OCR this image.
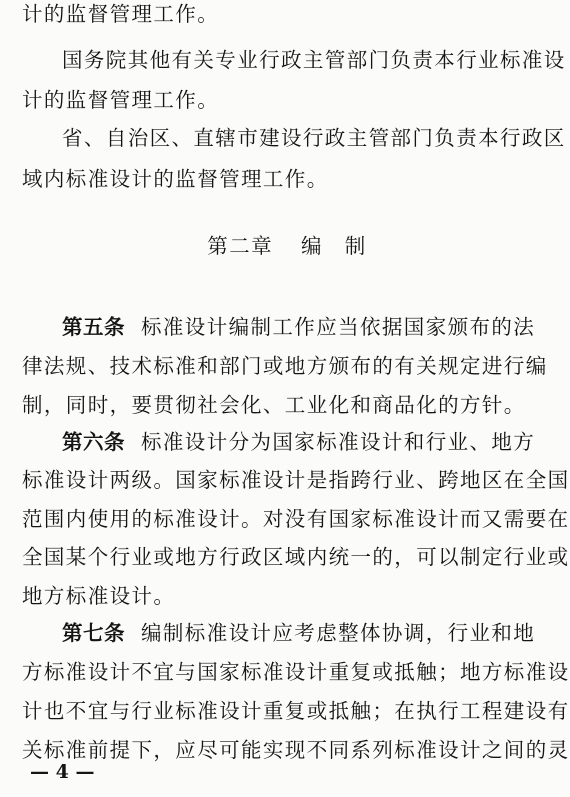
计的监督管理工作。
国务院其他有关专业行政主管部门负责本行业标准设
计的监督管理工作。
省、自治区、直辖市建设行政主管部门负责本行政区
域内标准设计的监督管理工作。
第二章 编　制
第五条 标准设计编制工作应当依据国家颁布的法
律法规、技术标准和部门或地方颁布的有关规定进行编
制，同时，要贯彻社会化、工业化和商品化的方针。
第六条 标准设计分为国家标准设计和行业、地方
标准设计两级。国家标准设计是指跨行业、跨地区在全国
范围内使用的标准设计。对没有国家标准设计而又需要在
全国某个行业或地方行政区域内统一的，可以制定行业或
地方标准设计。
第七条 编制标准设计应考虑整体协调，行业和地
方标准设计不宜与国家标准设计重复或抵触；地方标准设
计也不宜与行业标准设计重复或抵触；在执行工程建设有
关标准前提下，应尽可能实现不同系列标准设计之间的灵
— 4 —
